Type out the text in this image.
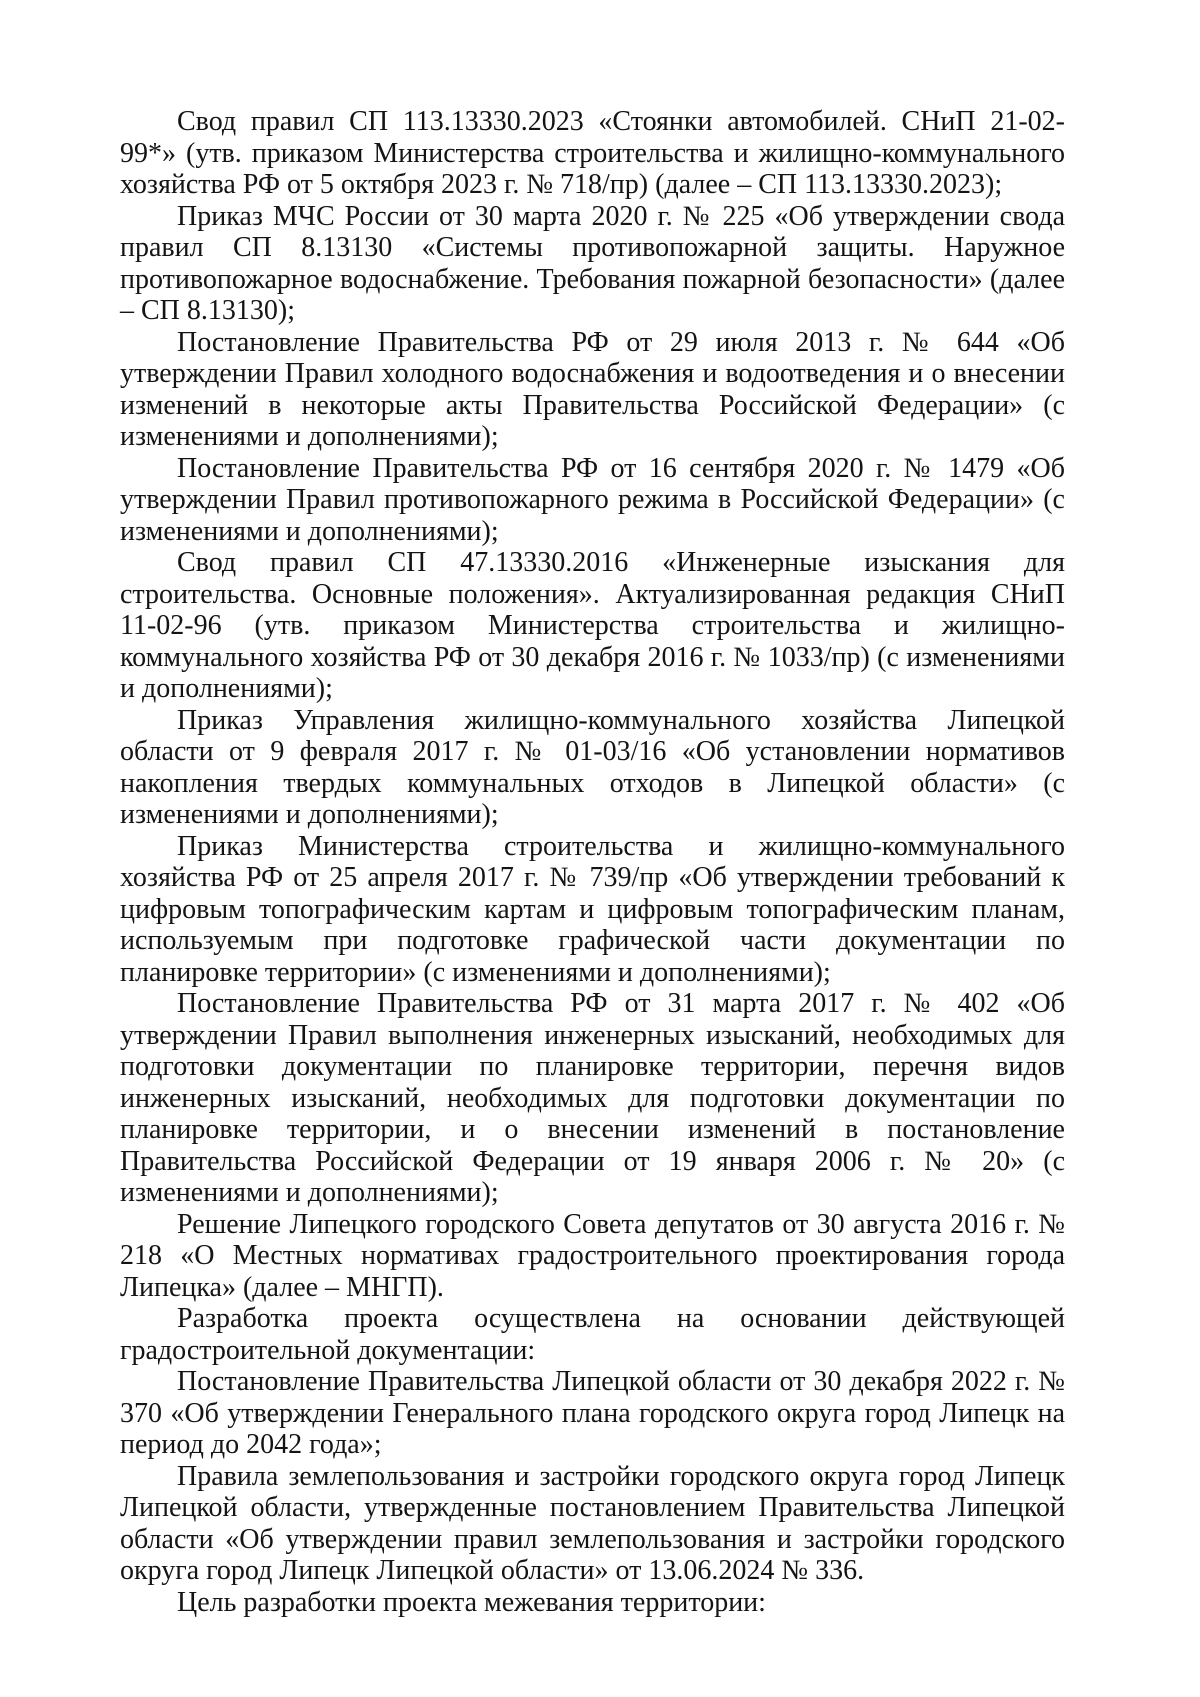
Свод правил СП 113.13330.2023 «Стоянки автомобилей. СНиП 21-02-99*» (утв. приказом Министерства строительства и жилищно-коммунального хозяйства РФ от 5 октября 2023 г. № 718/пр) (далее – СП 113.13330.2023);

Приказ МЧС России от 30 марта 2020 г. № 225 «Об утверждении свода правил СП 8.13130 «Системы противопожарной защиты. Наружное противопожарное водоснабжение. Требования пожарной безопасности» (далее – СП 8.13130);

Постановление Правительства РФ от 29 июля 2013 г. № 644 «Об утверждении Правил холодного водоснабжения и водоотведения и о внесении изменений в некоторые акты Правительства Российской Федерации» (с изменениями и дополнениями);

Постановление Правительства РФ от 16 сентября 2020 г. № 1479 «Об утверждении Правил противопожарного режима в Российской Федерации» (с изменениями и дополнениями);

Свод правил СП 47.13330.2016 «Инженерные изыскания для строительства. Основные положения». Актуализированная редакция СНиП 11-02-96 (утв. приказом Министерства строительства и жилищно-коммунального хозяйства РФ от 30 декабря 2016 г. № 1033/пр) (с изменениями и дополнениями);

Приказ Управления жилищно-коммунального хозяйства Липецкой области от 9 февраля 2017 г. № 01-03/16 «Об установлении нормативов накопления твердых коммунальных отходов в Липецкой области» (с изменениями и дополнениями);

Приказ Министерства строительства и жилищно-коммунального хозяйства РФ от 25 апреля 2017 г. № 739/пр «Об утверждении требований к цифровым топографическим картам и цифровым топографическим планам, используемым при подготовке графической части документации по планировке территории» (с изменениями и дополнениями);

Постановление Правительства РФ от 31 марта 2017 г. № 402 «Об утверждении Правил выполнения инженерных изысканий, необходимых для подготовки документации по планировке территории, перечня видов инженерных изысканий, необходимых для подготовки документации по планировке территории, и о внесении изменений в постановление Правительства Российской Федерации от 19 января 2006 г. № 20» (с изменениями и дополнениями);

Решение Липецкого городского Совета депутатов от 30 августа 2016 г. № 218 «О Местных нормативах градостроительного проектирования города Липецка» (далее – МНГП).

Разработка проекта осуществлена на основании действующей градостроительной документации:

Постановление Правительства Липецкой области от 30 декабря 2022 г. № 370 «Об утверждении Генерального плана городского округа город Липецк на период до 2042 года»;

Правила землепользования и застройки городского округа город Липецк Липецкой области, утвержденные постановлением Правительства Липецкой области «Об утверждении правил землепользования и застройки городского округа город Липецк Липецкой области» от 13.06.2024 № 336.

Цель разработки проекта межевания территории:
